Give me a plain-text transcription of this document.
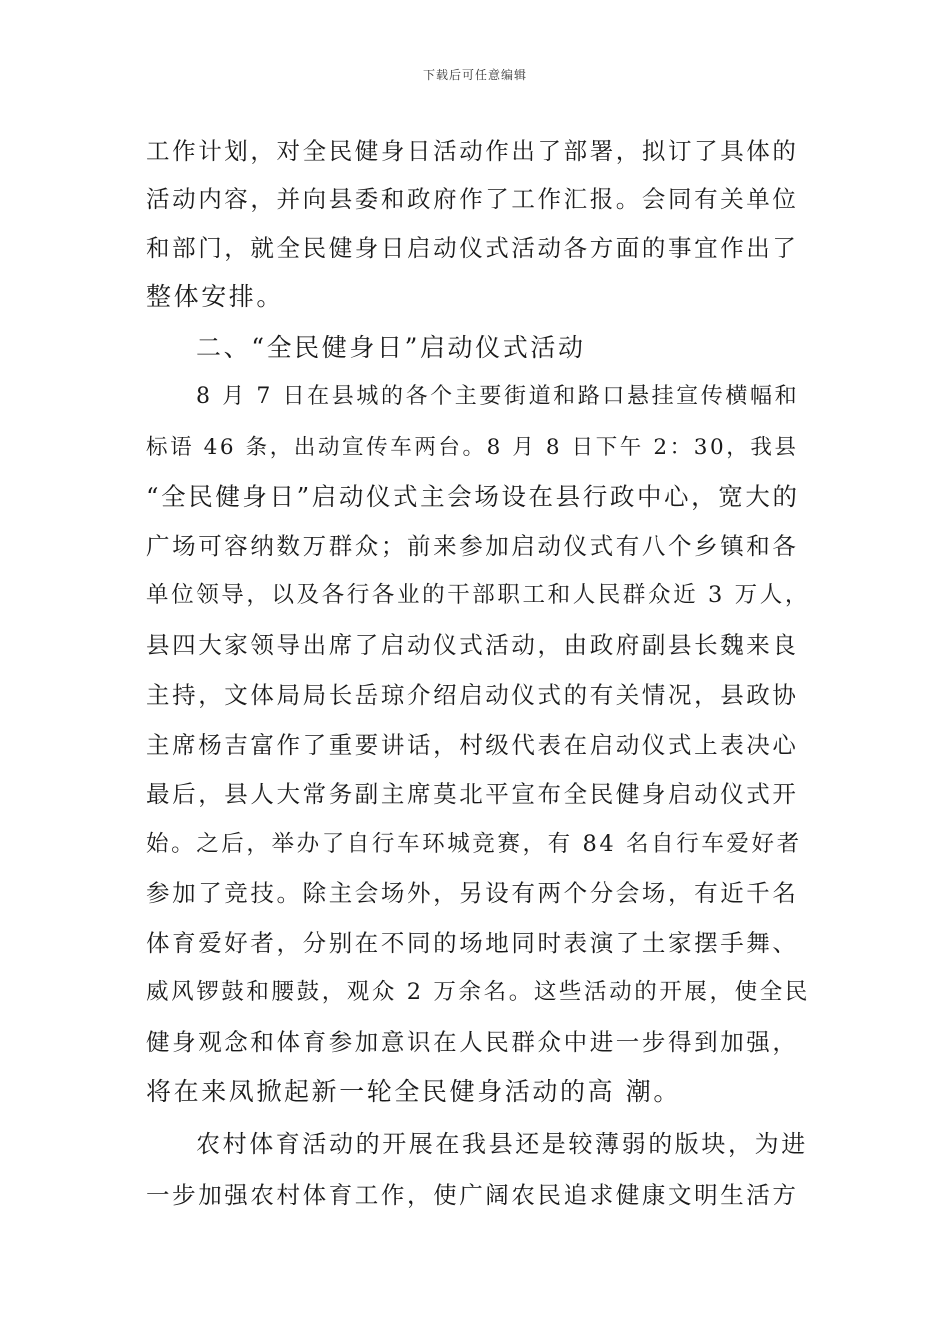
下载后可任意编辑
工作计划，对全民健身日活动作出了部署，拟订了具体的
活动内容，并向县委和政府作了工作汇报。会同有关单位
和部门，就全民健身日启动仪式活动各方面的事宜作出了
整体安排。
二、“全民健身日”启动仪式活动
8 月 7 日在县城的各个主要街道和路口悬挂宣传横幅和
标语 46 条，出动宣传车两台。8 月 8 日下午 2：30，我县
“全民健身日”启动仪式主会场设在县行政中心，宽大的
广场可容纳数万群众；前来参加启动仪式有八个乡镇和各
单位领导，以及各行各业的干部职工和人民群众近 3 万人，
县四大家领导出席了启动仪式活动，由政府副县长魏来良
主持，文体局局长岳琼介绍启动仪式的有关情况，县政协
主席杨吉富作了重要讲话，村级代表在启动仪式上表决心
最后，县人大常务副主席莫北平宣布全民健身启动仪式开
始。之后，举办了自行车环城竞赛，有 84 名自行车爱好者
参加了竞技。除主会场外，另设有两个分会场，有近千名
体育爱好者，分别在不同的场地同时表演了土家摆手舞、
威风锣鼓和腰鼓，观众 2 万余名。这些活动的开展，使全民
健身观念和体育参加意识在人民群众中进一步得到加强，
将在来凤掀起新一轮全民健身活动的高 潮。
农村体育活动的开展在我县还是较薄弱的版块，为进
一步加强农村体育工作，使广阔农民追求健康文明生活方
